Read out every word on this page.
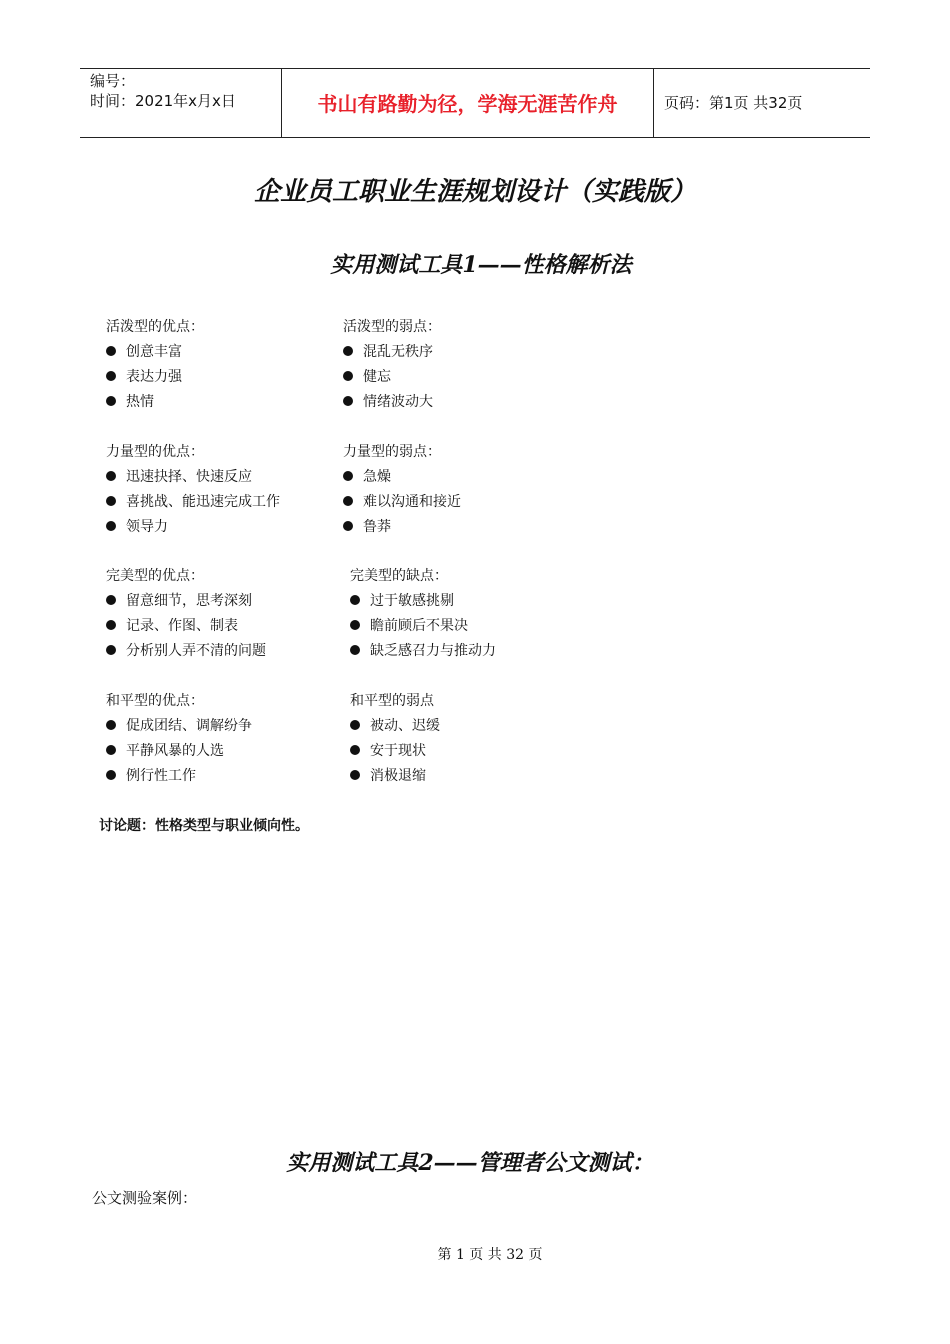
编号：
时间：2021年x月x日	书山有路勤为径，学海无涯苦作舟	页码：第1页 共32页
企业员工职业生涯规划设计（实践版）
实用测试工具1——性格解析法
活泼型的优点：
创意丰富
表达力强
热情
活泼型的弱点：
混乱无秩序
健忘
情绪波动大
力量型的优点：
迅速抉择、快速反应
喜挑战、能迅速完成工作
领导力
力量型的弱点：
急燥
难以沟通和接近
鲁莽
完美型的优点：
留意细节，思考深刻
记录、作图、制表
分析别人弄不清的问题
完美型的缺点：
过于敏感挑剔
瞻前顾后不果决
缺乏感召力与推动力
和平型的优点：
促成团结、调解纷争
平静风暴的人选
例行性工作
和平型的弱点
被动、迟缓
安于现状
消极退缩
讨论题：性格类型与职业倾向性。
实用测试工具2——管理者公文测试：
公文测验案例：
第 1 页 共 32 页
